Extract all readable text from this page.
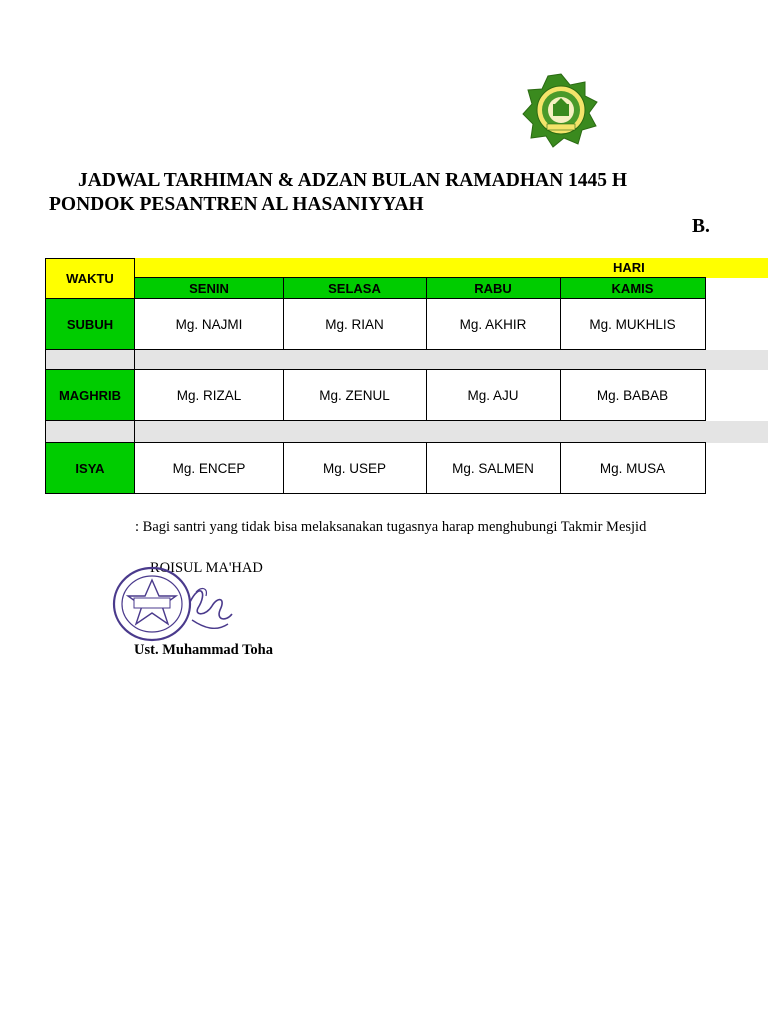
JADWAL TARHIMAN & ADZAN BULAN RAMADHAN 1445 H
PONDOK PESANTREN AL HASANIYYAH
B.
WAKTU
HARI
SENIN	SELASA	RABU	KAMIS
SUBUH	Mg. NAJMI	Mg. RIAN	Mg. AKHIR	Mg. MUKHLIS
MAGHRIB	Mg. RIZAL	Mg. ZENUL	Mg. AJU	Mg. BABAB
ISYA	Mg. ENCEP	Mg. USEP	Mg. SALMEN	Mg. MUSA
: Bagi santri yang tidak bisa melaksanakan tugasnya harap menghubungi Takmir Mesjid
ROISUL MA'HAD
Ust. Muhammad Toha
